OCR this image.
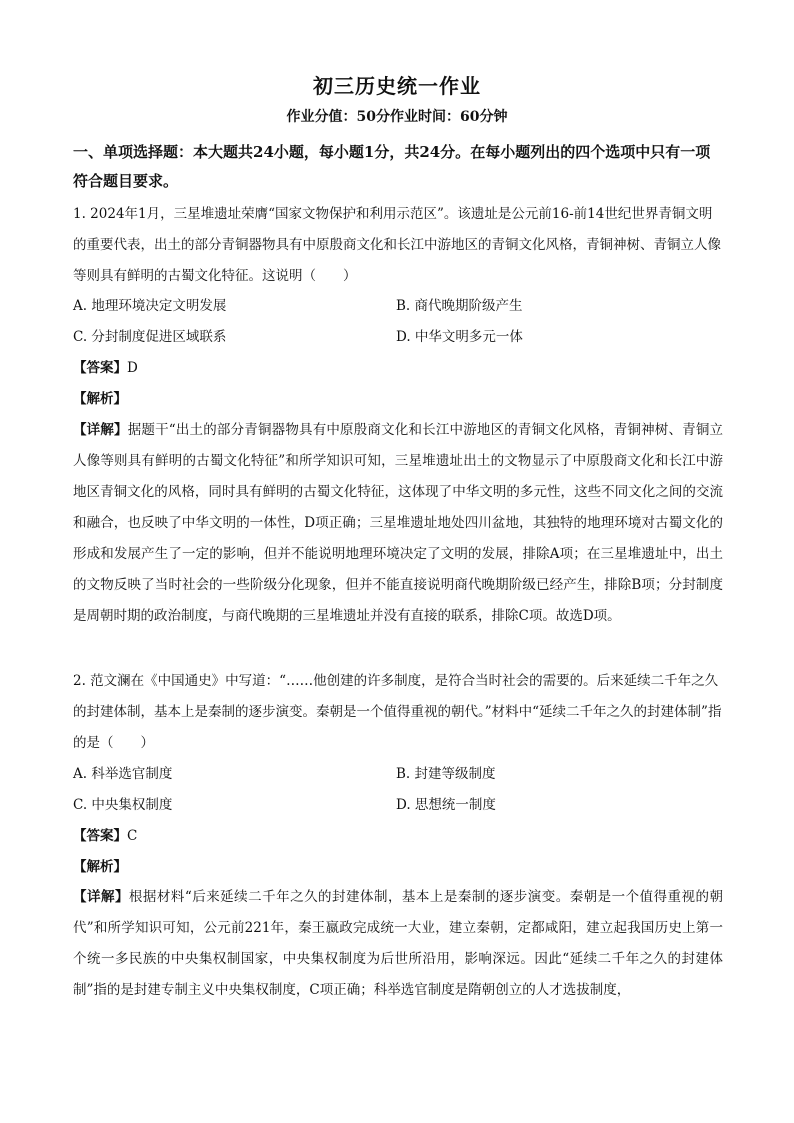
初三历史统一作业
作业分值：50分作业时间：60分钟
一、单项选择题：本大题共24小题，每小题1分，共24分。在每小题列出的四个选项中只有一项符合题目要求。
1. 2024年1月，三星堆遗址荣膺“国家文物保护和利用示范区”。该遗址是公元前16-前14世纪世界青铜文明的重要代表，出土的部分青铜器物具有中原殷商文化和长江中游地区的青铜文化风格，青铜神树、青铜立人像等则具有鲜明的古蜀文化特征。这说明（　　）
A. 地理环境决定文明发展	B. 商代晚期阶级产生
C. 分封制度促进区域联系	D. 中华文明多元一体
【答案】D
【解析】
【详解】据题干“出土的部分青铜器物具有中原殷商文化和长江中游地区的青铜文化风格，青铜神树、青铜立人像等则具有鲜明的古蜀文化特征”和所学知识可知，三星堆遗址出土的文物显示了中原殷商文化和长江中游地区青铜文化的风格，同时具有鲜明的古蜀文化特征，这体现了中华文明的多元性，这些不同文化之间的交流和融合，也反映了中华文明的一体性，D项正确；三星堆遗址地处四川盆地，其独特的地理环境对古蜀文化的形成和发展产生了一定的影响，但并不能说明地理环境决定了文明的发展，排除A项；在三星堆遗址中，出土的文物反映了当时社会的一些阶级分化现象，但并不能直接说明商代晚期阶级已经产生，排除B项；分封制度是周朝时期的政治制度，与商代晚期的三星堆遗址并没有直接的联系，排除C项。故选D项。
2. 范文澜在《中国通史》中写道：“……他创建的许多制度，是符合当时社会的需要的。后来延续二千年之久的封建体制，基本上是秦制的逐步演变。秦朝是一个值得重视的朝代。”材料中“延续二千年之久的封建体制”指的是（　　）
A. 科举选官制度	B. 封建等级制度
C. 中央集权制度	D. 思想统一制度
【答案】C
【解析】
【详解】根据材料“后来延续二千年之久的封建体制，基本上是秦制的逐步演变。秦朝是一个值得重视的朝代”和所学知识可知，公元前221年，秦王嬴政完成统一大业，建立秦朝，定都咸阳，建立起我国历史上第一个统一多民族的中央集权制国家，中央集权制度为后世所沿用，影响深远。因此“延续二千年之久的封建体制”指的是封建专制主义中央集权制度，C项正确；科举选官制度是隋朝创立的人才选拔制度，
